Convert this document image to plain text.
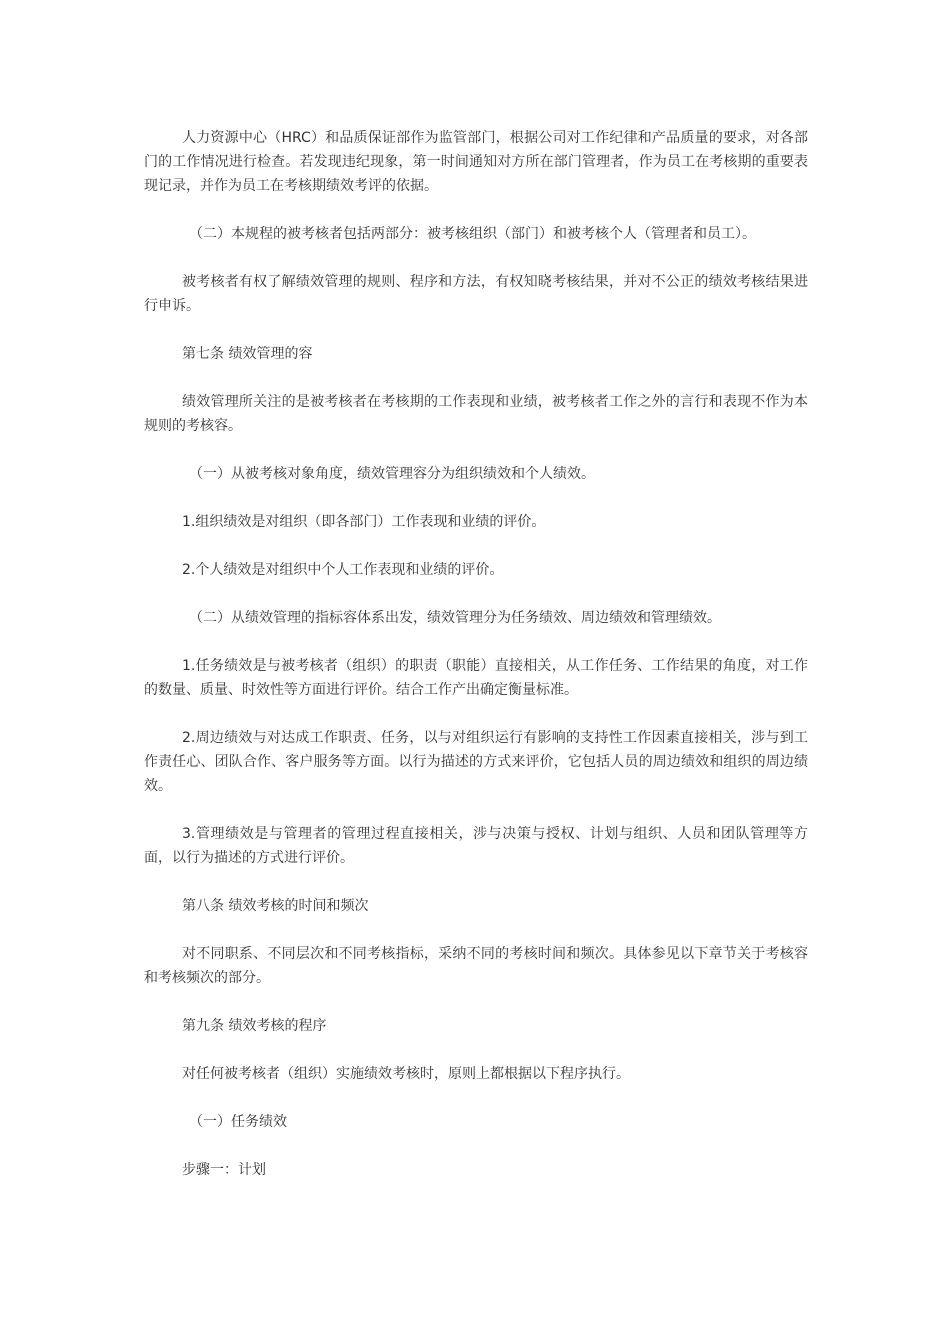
人力资源中心（HRC）和品质保证部作为监管部门，根据公司对工作纪律和产品质量的要求，对各部门的工作情况进行检查。若发现违纪现象，第一时间通知对方所在部门管理者，作为员工在考核期的重要表现记录，并作为员工在考核期绩效考评的依据。

（二）本规程的被考核者包括两部分：被考核组织（部门）和被考核个人（管理者和员工）。

被考核者有权了解绩效管理的规则、程序和方法，有权知晓考核结果，并对不公正的绩效考核结果进行申诉。

第七条 绩效管理的容

绩效管理所关注的是被考核者在考核期的工作表现和业绩，被考核者工作之外的言行和表现不作为本规则的考核容。

（一）从被考核对象角度，绩效管理容分为组织绩效和个人绩效。

1.组织绩效是对组织（即各部门）工作表现和业绩的评价。

2.个人绩效是对组织中个人工作表现和业绩的评价。

（二）从绩效管理的指标容体系出发，绩效管理分为任务绩效、周边绩效和管理绩效。

1.任务绩效是与被考核者（组织）的职责（职能）直接相关，从工作任务、工作结果的角度，对工作的数量、质量、时效性等方面进行评价。结合工作产出确定衡量标准。

2.周边绩效与对达成工作职责、任务，以与对组织运行有影响的支持性工作因素直接相关，涉与到工作责任心、团队合作、客户服务等方面。以行为描述的方式来评价，它包括人员的周边绩效和组织的周边绩效。

3.管理绩效是与管理者的管理过程直接相关，涉与决策与授权、计划与组织、人员和团队管理等方面，以行为描述的方式进行评价。

第八条 绩效考核的时间和频次

对不同职系、不同层次和不同考核指标，采纳不同的考核时间和频次。具体参见以下章节关于考核容和考核频次的部分。

第九条 绩效考核的程序

对任何被考核者（组织）实施绩效考核时，原则上都根据以下程序执行。

（一）任务绩效

步骤一：计划
